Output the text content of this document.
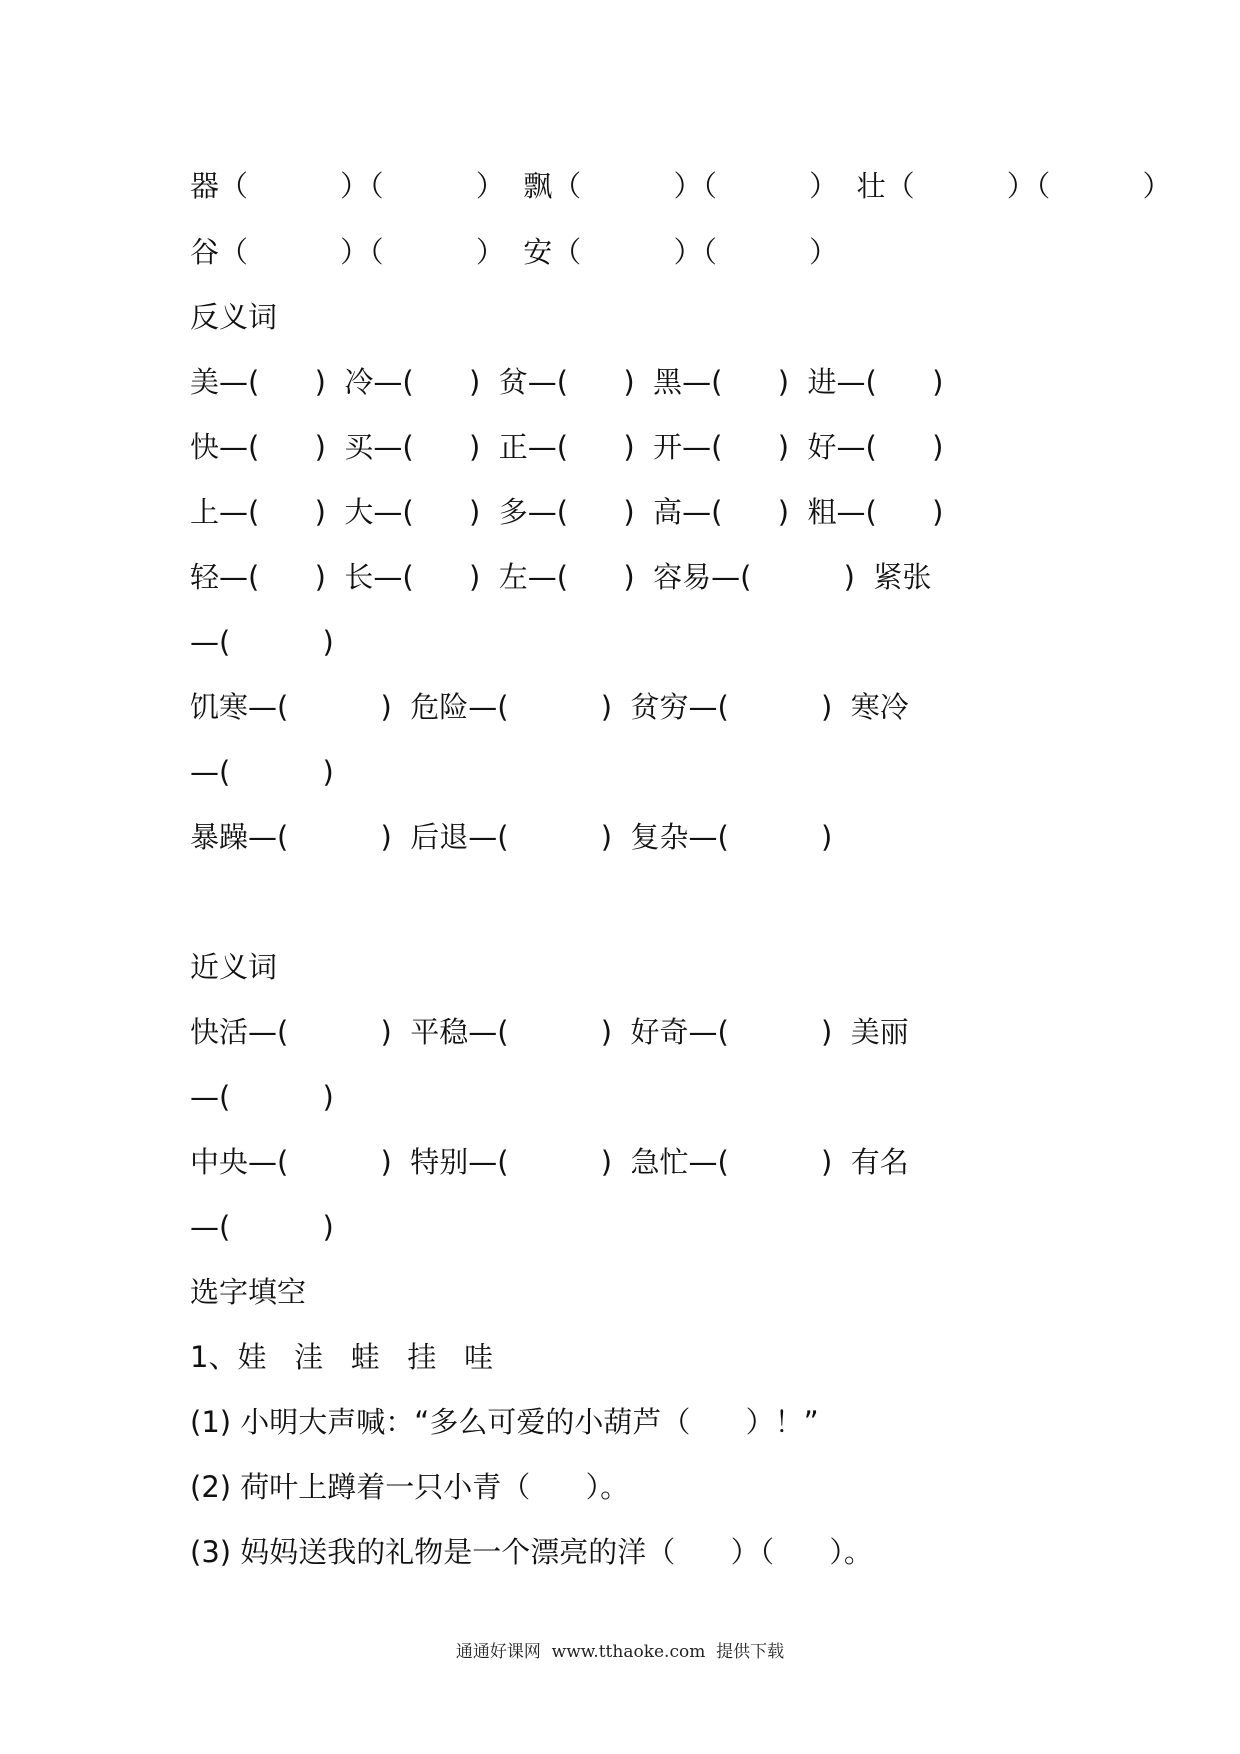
器（          ）（          ）  飘（          ）（          ）  壮（          ）（          ）
谷（          ）（          ）  安（          ）（          ）
反义词
美—(      )  冷—(      )  贫—(      )  黑—(      )  进—(      )
快—(      )  买—(      )  正—(      )  开—(      )  好—(      )
上—(      )  大—(      )  多—(      )  高—(      )  粗—(      )
轻—(      )  长—(      )  左—(      )  容易—(          )  紧张
—(          )
饥寒—(          )  危险—(          )  贫穷—(          )  寒冷
—(          )
暴躁—(          )  后退—(          )  复杂—(          )
近义词
快活—(          )  平稳—(          )  好奇—(          )  美丽
—(          )
中央—(          )  特别—(          )  急忙—(          )  有名
—(          )
选字填空
1、娃   洼   蛙   挂   哇
(1) 小明大声喊：“多么可爱的小葫芦（      ）！”
(2) 荷叶上蹲着一只小青（      ）。
(3) 妈妈送我的礼物是一个漂亮的洋（      ）（      ）。
通通好课网  www.tthaoke.com  提供下载
